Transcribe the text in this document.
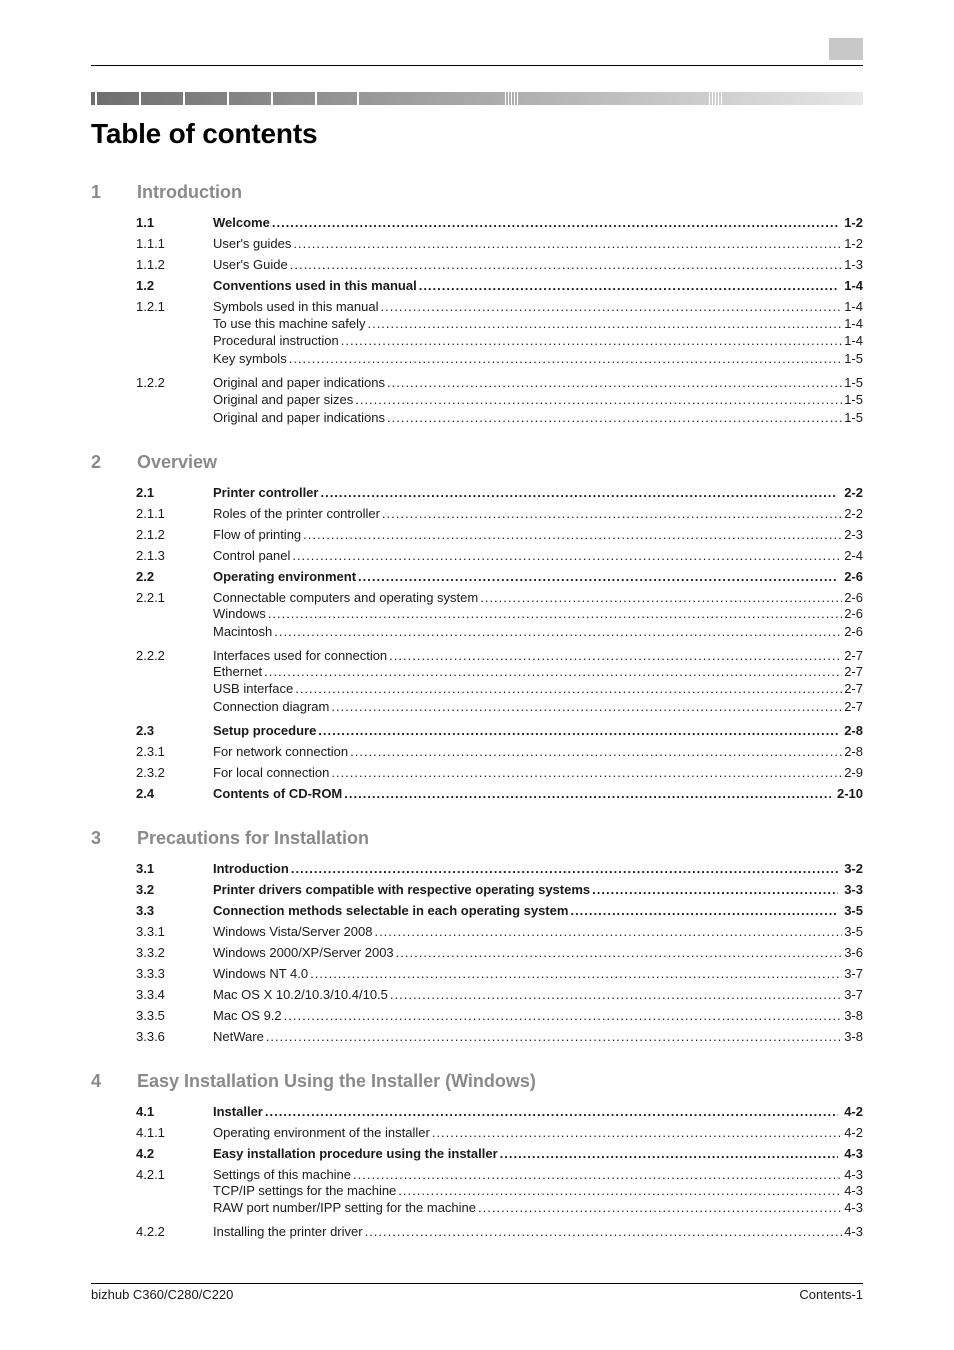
Table of contents
1	Introduction
1.1	Welcome .....	1-2
1.1.1	User's guides .....	1-2
1.1.2	User's Guide .....	1-3
1.2	Conventions used in this manual .....	1-4
1.2.1	Symbols used in this manual .....	1-4
To use this machine safely .....	1-4
Procedural instruction .....	1-4
Key symbols .....	1-5
1.2.2	Original and paper indications .....	1-5
Original and paper sizes .....	1-5
Original and paper indications .....	1-5
2	Overview
2.1	Printer controller .....	2-2
2.1.1	Roles of the printer controller .....	2-2
2.1.2	Flow of printing .....	2-3
2.1.3	Control panel .....	2-4
2.2	Operating environment .....	2-6
2.2.1	Connectable computers and operating system .....	2-6
Windows .....	2-6
Macintosh .....	2-6
2.2.2	Interfaces used for connection .....	2-7
Ethernet .....	2-7
USB interface .....	2-7
Connection diagram .....	2-7
2.3	Setup procedure .....	2-8
2.3.1	For network connection .....	2-8
2.3.2	For local connection .....	2-9
2.4	Contents of CD-ROM .....	2-10
3	Precautions for Installation
3.1	Introduction .....	3-2
3.2	Printer drivers compatible with respective operating systems .....	3-3
3.3	Connection methods selectable in each operating system .....	3-5
3.3.1	Windows Vista/Server 2008 .....	3-5
3.3.2	Windows 2000/XP/Server 2003 .....	3-6
3.3.3	Windows NT 4.0 .....	3-7
3.3.4	Mac OS X 10.2/10.3/10.4/10.5 .....	3-7
3.3.5	Mac OS 9.2 .....	3-8
3.3.6	NetWare .....	3-8
4	Easy Installation Using the Installer (Windows)
4.1	Installer .....	4-2
4.1.1	Operating environment of the installer .....	4-2
4.2	Easy installation procedure using the installer .....	4-3
4.2.1	Settings of this machine .....	4-3
TCP/IP settings for the machine .....	4-3
RAW port number/IPP setting for the machine .....	4-3
4.2.2	Installing the printer driver .....	4-3
bizhub C360/C280/C220	Contents-1
